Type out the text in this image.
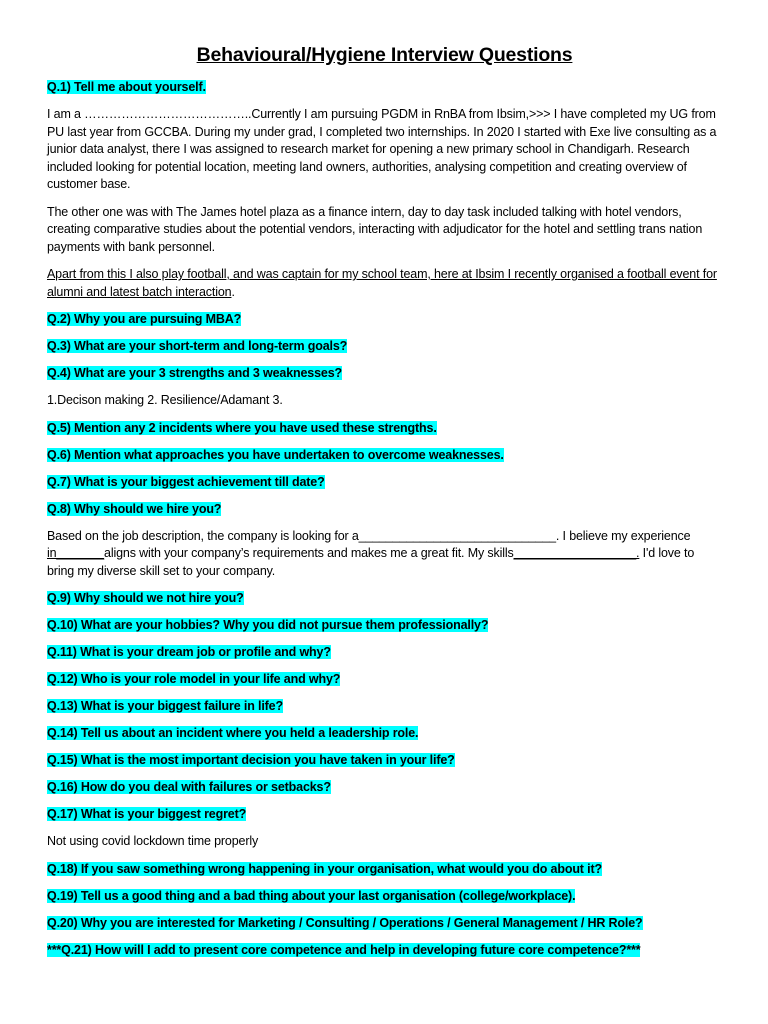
Behavioural/Hygiene Interview Questions
Q.1) Tell me about yourself.
I am a …………………………………..Currently I am pursuing PGDM in RnBA from Ibsim,>>> I have completed my UG from PU last year from GCCBA. During my under grad, I completed two internships. In 2020 I started with Exe live consulting as a junior data analyst, there I was assigned to research market for opening a new primary school in Chandigarh. Research included looking for potential location, meeting land owners, authorities, analysing competition and creating overview of customer base.
The other one was with The James hotel plaza as a finance intern, day to day task included talking with hotel vendors, creating comparative studies about the potential vendors, interacting with adjudicator for the hotel and settling trans nation payments with bank personnel.
Apart from this I also play football, and was captain for my school team, here at Ibsim I recently organised a football event for alumni and latest batch interaction.
Q.2) Why you are pursuing MBA?
Q.3) What are your short-term and long-term goals?
Q.4) What are your 3 strengths and 3 weaknesses?
1.Decison making 2. Resilience/Adamant 3.
Q.5) Mention any 2 incidents where you have used these strengths.
Q.6) Mention what approaches you have undertaken to overcome weaknesses.
Q.7) What is your biggest achievement till date?
Q.8) Why should we hire you?
Based on the job description, the company is looking for a_____________________________. I believe my experience in_______aligns with your company’s requirements and makes me a great fit. My skills__________________. I'd love to bring my diverse skill set to your company.
Q.9) Why should we not hire you?
Q.10) What are your hobbies? Why you did not pursue them professionally?
Q.11) What is your dream job or profile and why?
Q.12) Who is your role model in your life and why?
Q.13) What is your biggest failure in life?
Q.14) Tell us about an incident where you held a leadership role.
Q.15) What is the most important decision you have taken in your life?
Q.16) How do you deal with failures or setbacks?
Q.17) What is your biggest regret?
Not using covid lockdown time properly
Q.18) If you saw something wrong happening in your organisation, what would you do about it?
Q.19) Tell us a good thing and a bad thing about your last organisation (college/workplace).
Q.20) Why you are interested for Marketing / Consulting / Operations / General Management / HR Role?
***Q.21) How will I add to present core competence and help in developing future core competence?***
